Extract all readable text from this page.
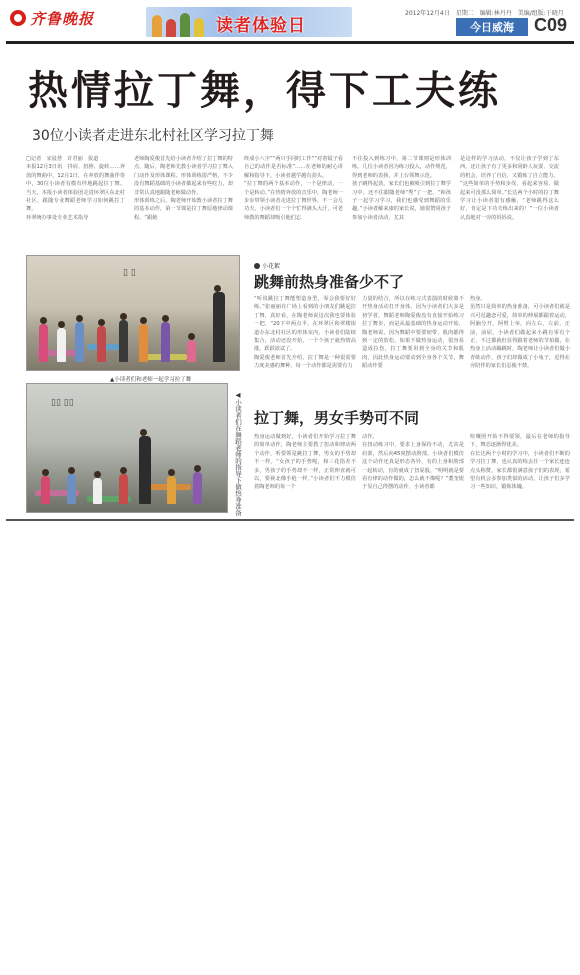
齐鲁晚报	读者体验日
2012年12月4日　星期二　编辑:林丹丹　美编/组版:于晓月
今日威海	C09
热情拉丁舞，得下工夫练
30位小读者走进东北村社区学习拉丁舞
□记者　宋晨慧　许君丽　报道
本报12月3日讯　抖肩、扭胯、旋转……奔放的舞曲中，12月1日，在奔放的舞曲伴奏中，30位小读者有模有样地跳起拉丁舞。当天，本报小读者体验团走进环翠区东北村社区，跟随专业舞蹈老师学习如何跳拉丁舞。
环翠统办事处专业艺术指导
老师陶爱俊首先给小读者介绍了拉丁舞的特点，随后，陶老师先教小读者学习拉丁舞入门动作及形体课程。形体训练很严格，不少没有舞蹈基础的小读者都起来有些吃力，却非常认真地跟随老师做动作。
形体训练之后，陶老师开始教小读者拉丁舞的基本动作，第一节课是拉丁舞原地律动课程。“跟她
终成小八字”“两只手同时工作”“对着镜子看自己的动作是否标准”……在老师的耐心讲解和指导下，小读者越学越有劲头。
“拉丁舞的两个基本动作，一个是律动，一个是转动。”在热情奔放的音乐中，陶老师一步步带领小读者走进拉丁舞世界，不一会儿功夫，小读者们一个个忙得满头大汗，可老师教的舞蹈却吸引他们忘
不住投入到练习中，第二节课则是形体训练。几位小读者因为练习投入，动作规范，得到老师的表扬，并上台领舞示范。
孩子跳得起劲，家长们也被吸引到拉丁舞学习中，还不住跟随老师“秀”了一把，“和孩子一起学习学习，我们也感受到舞蹈的乐趣。”小读者解来康的家长说，她很赞同孩子参加小读者活动，尤其
是这样的学习活动，不仅让孩子学到了东西，还让孩子有了更多和同龄人玩耍、交流的机会，培养了自信，又锻炼了自立能力。
“这些简单的手势和步伐，看起来容易，做起来可没那么简单。”长达两个小时的拉丁舞学习让小读者很有感触，“老师跳得这么好，肯定是下功夫练出来的！”一位小读者认真地对一旁的妈妈说。
▯ ▯
▲小读者们和老师一起学习拉丁舞
▯▯ ▯▯	◀小读者们在舞蹈老师的指导下做热身准备
小花絮
跳舞前热身准备少不了
“听说跳拉丁舞能塑造身型，零会我要好好练。”张丽丽在广场上看到的小朋友们跳起拉丁舞，真好看，在陶老师说这次我也要体验一把，“20下中两点半，在环翠区和翠楼街道办东北村社区的形体室内，小读者们陆续集合，活动还没开始，一个个孩子就热情高涨，跃跃欲试了。
陶爱俊老师首先介绍，拉丁舞是一种很需要力度美感的舞种，每一个动作都是需要有力
力量的结合，所以在练习式表演的时候离不开热身活动打开身体，因为小读者们大多是初学者，舞蹈老师陶爱俊没有直接开始练习拉丁舞步，而是从最基础的热身运动开始，陶老师说，因为舞蹈中要要韧带、肌肉都得到一定的放松，如果不做热身运动，很容易造成拉伤，拉丁舞要用到全身的关节和肌肉，因此热身运动要动到全身各个关节，舞蹈动作要
热身。
虽然只是简单的热身准备，可小读者们就是兴可逗趣恋可爱，简单的伸展都跟着运动，阿脑分开，阿臂上举，向左右，左前，正前，前屈，小读者们做起来小跳有零有个正，不过都就但显得跟着老师的节拍做，在热身上活动蹦跳时，陶老师让小读者们做小青蛙动作，孩子们却做成了小兔子，逗得在旁陪伴的家长们忍俊不禁。
拉丁舞，男女手势可不同
热身运动做到好，小读者们开始学习拉丁舞的简单动作，陶老师主要教了扭动和律动两个动作，听要领是跳拉丁舞，男女的手势却不一样。“女孩子的手势呢，和三花指差不多，男孩子的手势却不一样，正常伸直就可以，要视北像手枪一样。”小读者们不力模仿着陶老师的每一个
动作。
在扭动练习中，要求上身保持不动，尤其是肩部，然后向45度摆动胯部，小读者们模仿这个动作还真是形态各异，有的上身和胯部一起转动，有的就成了扭屁股，“明明就是要看有律的动作做的，怎么就不像呢？”董奎银于显自己得摆的动作，小读者都
喧嚷照开始不得要领，最后在老师的指导下，舞态逐渐得优美。
在长达两个小时的学习中，小读者们不断的学习拉丁舞，也认真的练丢任一个家长连连点头称赞，家长都很满意孩子们的表现，希望有机会多参加类似的活动，让孩子们多学习一些知识，锻炼体魄。
